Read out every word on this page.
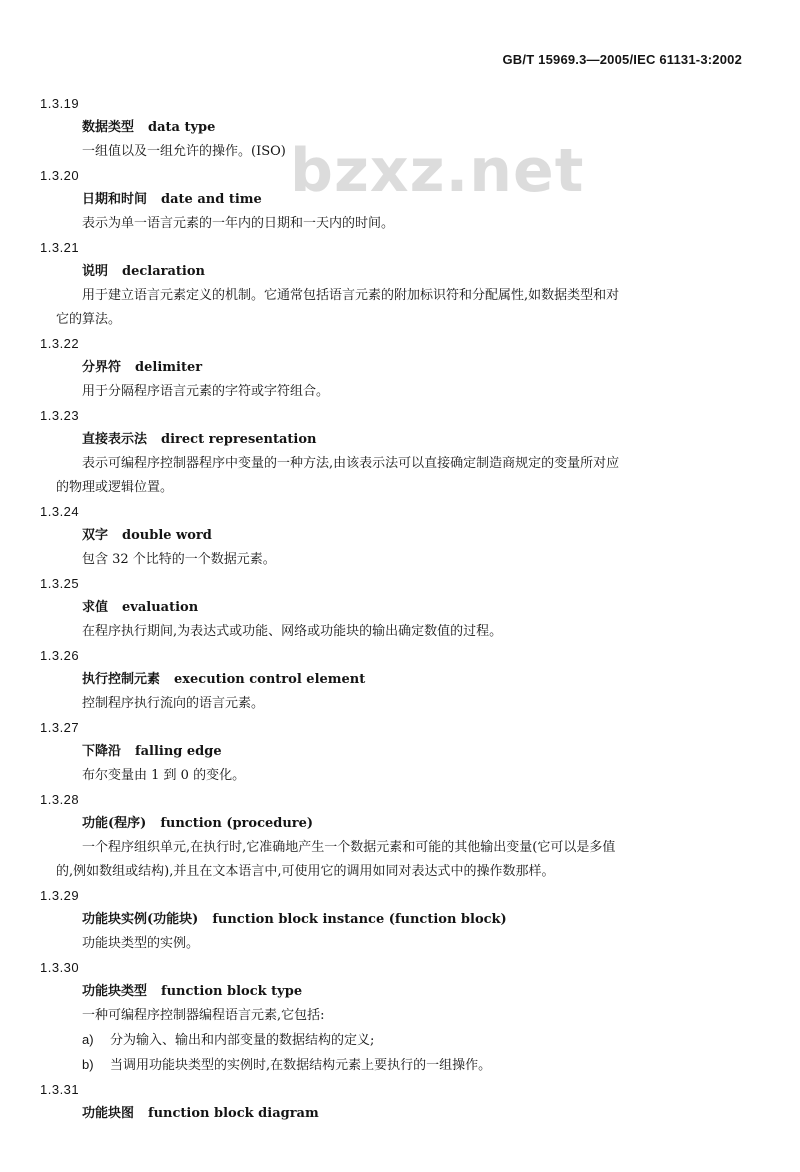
GB/T 15969.3—2005/IEC 61131-3:2002
bzxz.net
1.3.19
数据类型 data type
一组值以及一组允许的操作。(ISO)
1.3.20
日期和时间 date and time
表示为单一语言元素的一年内的日期和一天内的时间。
1.3.21
说明 declaration
用于建立语言元素定义的机制。它通常包括语言元素的附加标识符和分配属性,如数据类型和对
它的算法。
1.3.22
分界符 delimiter
用于分隔程序语言元素的字符或字符组合。
1.3.23
直接表示法 direct representation
表示可编程序控制器程序中变量的一种方法,由该表示法可以直接确定制造商规定的变量所对应
的物理或逻辑位置。
1.3.24
双字 double word
包含 32 个比特的一个数据元素。
1.3.25
求值 evaluation
在程序执行期间,为表达式或功能、网络或功能块的输出确定数值的过程。
1.3.26
执行控制元素 execution control element
控制程序执行流向的语言元素。
1.3.27
下降沿 falling edge
布尔变量由 1 到 0 的变化。
1.3.28
功能(程序) function (procedure)
一个程序组织单元,在执行时,它准确地产生一个数据元素和可能的其他输出变量(它可以是多值
的,例如数组或结构),并且在文本语言中,可使用它的调用如同对表达式中的操作数那样。
1.3.29
功能块实例(功能块) function block instance (function block)
功能块类型的实例。
1.3.30
功能块类型 function block type
一种可编程序控制器编程语言元素,它包括:
a) 分为输入、输出和内部变量的数据结构的定义;
b) 当调用功能块类型的实例时,在数据结构元素上要执行的一组操作。
1.3.31
功能块图 function block diagram
